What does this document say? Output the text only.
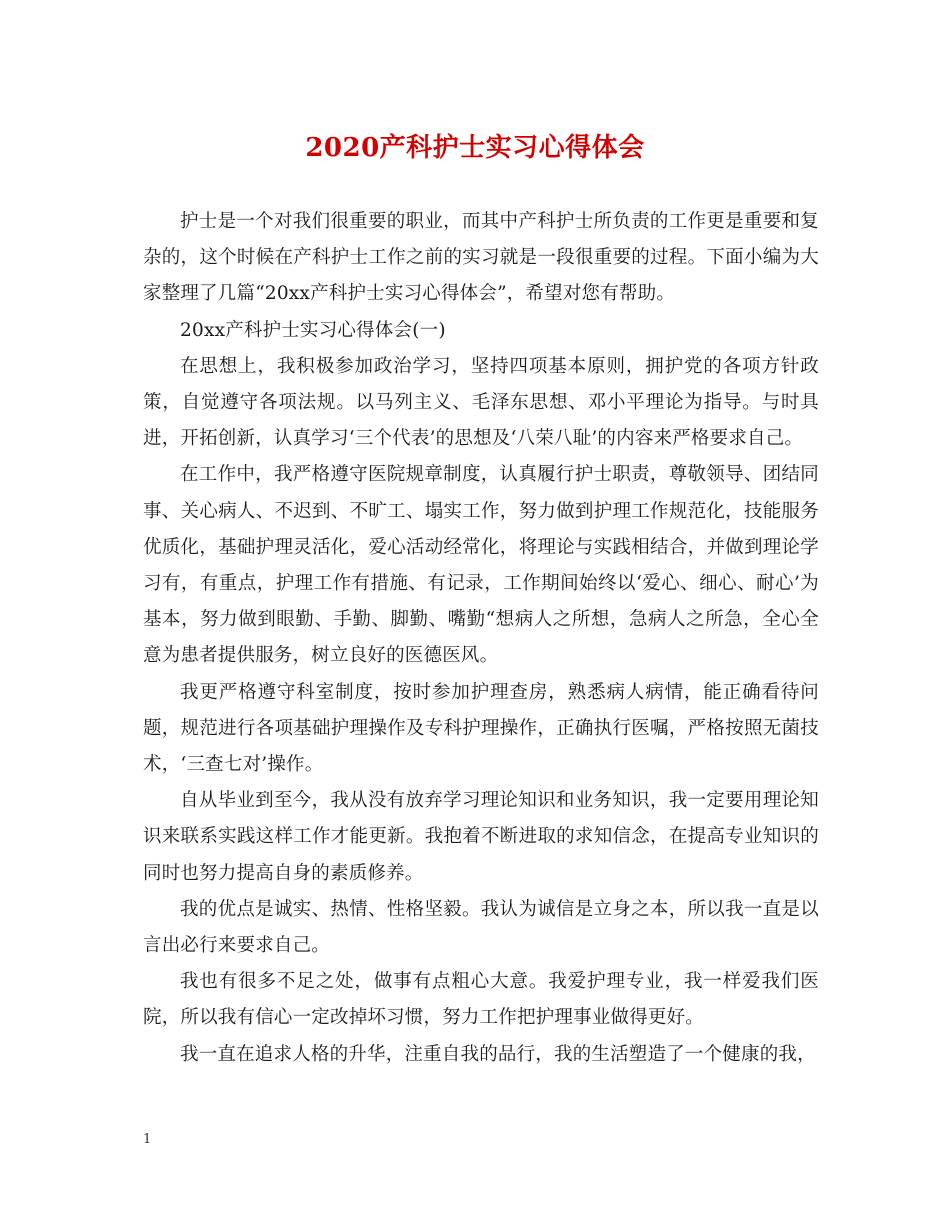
2020产科护士实习心得体会

护士是一个对我们很重要的职业，而其中产科护士所负责的工作更是重要和复杂的，这个时候在产科护士工作之前的实习就是一段很重要的过程。下面小编为大家整理了几篇“20xx产科护士实习心得体会”，希望对您有帮助。

20xx产科护士实习心得体会(一)

在思想上，我积极参加政治学习，坚持四项基本原则，拥护党的各项方针政策，自觉遵守各项法规。以马列主义、毛泽东思想、邓小平理论为指导。与时具进，开拓创新，认真学习‘三个代表’的思想及‘八荣八耻’的内容来严格要求自己。

在工作中，我严格遵守医院规章制度，认真履行护士职责，尊敬领导、团结同事、关心病人、不迟到、不旷工、塌实工作，努力做到护理工作规范化，技能服务优质化，基础护理灵活化，爱心活动经常化，将理论与实践相结合，并做到理论学习有，有重点，护理工作有措施、有记录，工作期间始终以‘爱心、细心、耐心’为基本，努力做到眼勤、手勤、脚勤、嘴勤“想病人之所想，急病人之所急，全心全意为患者提供服务，树立良好的医德医风。

我更严格遵守科室制度，按时参加护理查房，熟悉病人病情，能正确看待问题，规范进行各项基础护理操作及专科护理操作，正确执行医嘱，严格按照无菌技术，‘三查七对’操作。

自从毕业到至今，我从没有放弃学习理论知识和业务知识，我一定要用理论知识来联系实践这样工作才能更新。我抱着不断进取的求知信念，在提高专业知识的同时也努力提高自身的素质修养。

我的优点是诚实、热情、性格坚毅。我认为诚信是立身之本，所以我一直是以言出必行来要求自己。

我也有很多不足之处，做事有点粗心大意。我爱护理专业，我一样爱我们医院，所以我有信心一定改掉坏习惯，努力工作把护理事业做得更好。

我一直在追求人格的升华，注重自我的品行，我的生活塑造了一个健康的我，

1
